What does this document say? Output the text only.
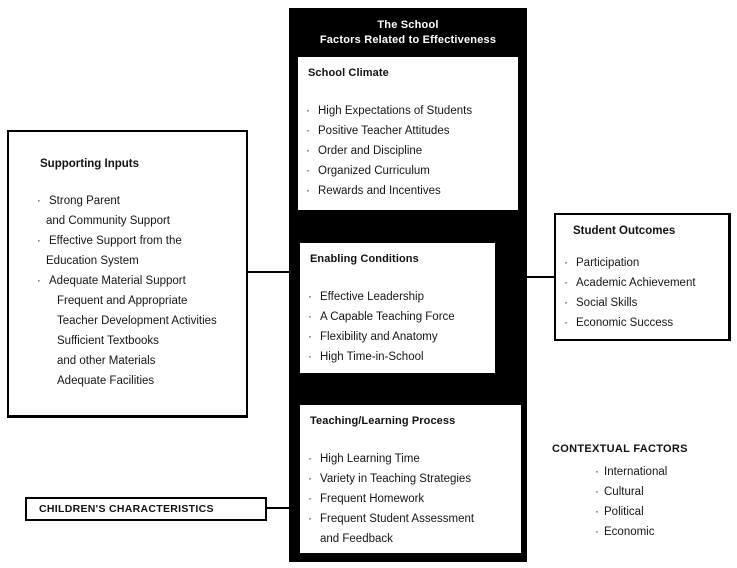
The School
Factors Related to Effectiveness
School Climate
· High Expectations of Students
· Positive Teacher Attitudes
· Order and Discipline
· Organized Curriculum
· Rewards and Incentives
Enabling Conditions
· Effective Leadership
· A Capable Teaching Force
· Flexibility and Anatomy
· High Time-in-School
Teaching/Learning Process
· High Learning Time
· Variety in Teaching Strategies
· Frequent Homework
· Frequent Student Assessment
and Feedback
Supporting Inputs
· Strong Parent
and Community Support
· Effective Support from the
Education System
· Adequate Material Support
Frequent and Appropriate
Teacher Development Activities
Sufficient Textbooks
and other Materials
Adequate Facilities
Student Outcomes
· Participation
· Academic Achievement
· Social Skills
· Economic Success
CHILDREN'S CHARACTERISTICS
CONTEXTUAL FACTORS
· International
· Cultural
· Political
· Economic
